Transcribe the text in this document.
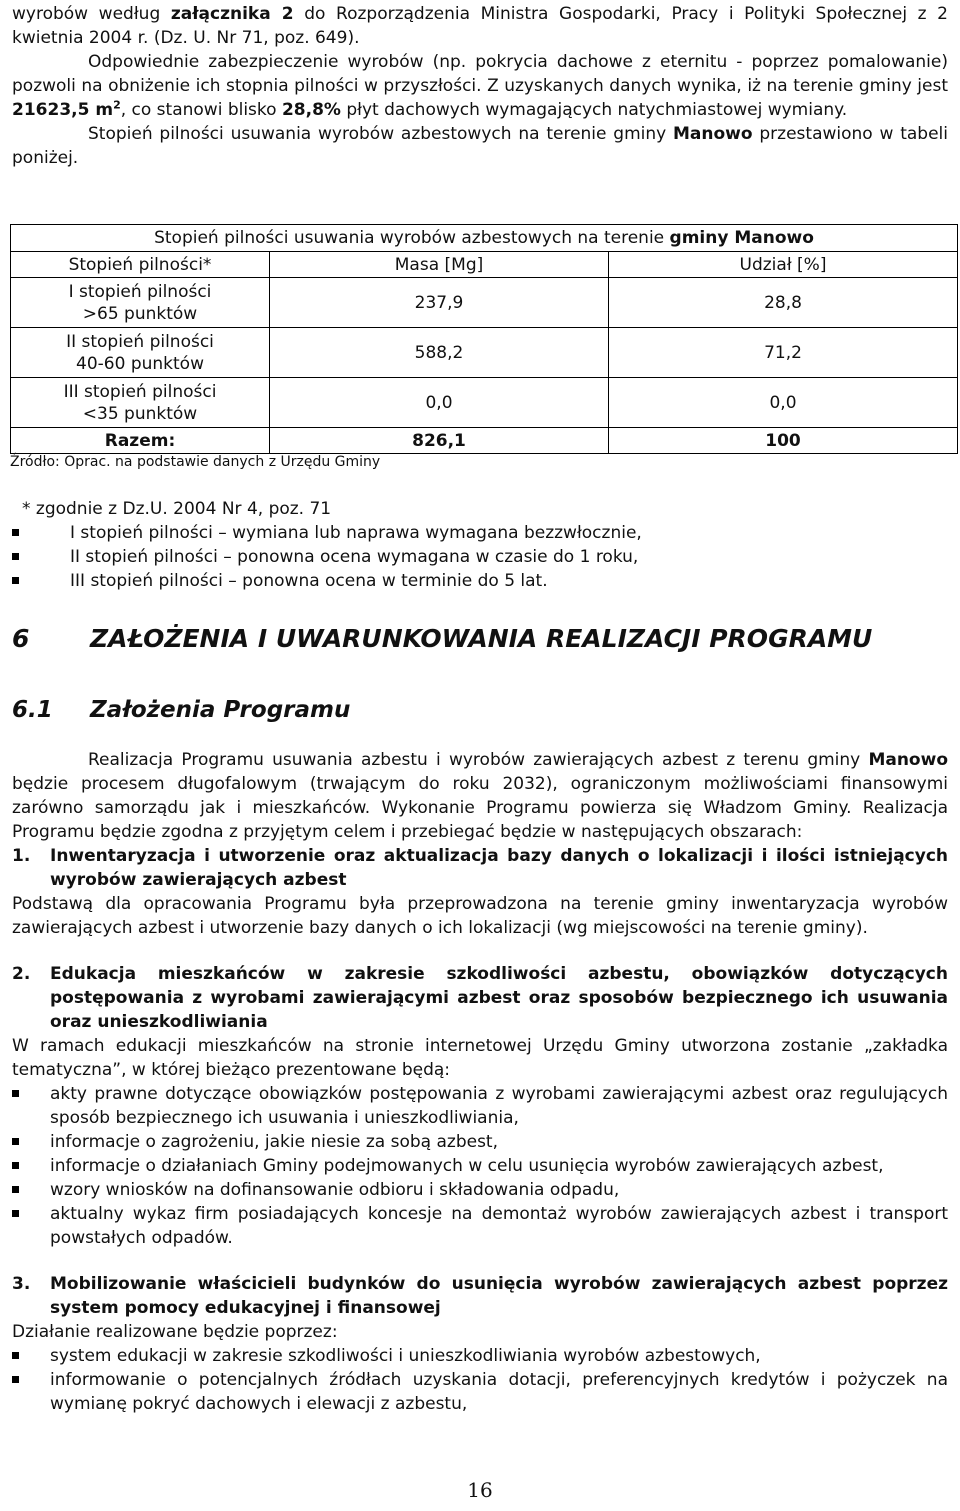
wyrobów według załącznika 2 do Rozporządzenia Ministra Gospodarki, Pracy i Polityki Społecznej z 2 kwietnia 2004 r. (Dz. U. Nr 71, poz. 649).

Odpowiednie zabezpieczenie wyrobów (np. pokrycia dachowe z eternitu - poprzez pomalowanie) pozwoli na obniżenie ich stopnia pilności w przyszłości. Z uzyskanych danych wynika, iż na terenie gminy jest 21623,5 $m^2$, co stanowi blisko 28,8% płyt dachowych wymagających natychmiastowej wymiany.

Stopień pilności usuwania wyrobów azbestowych na terenie gminy Manowo przestawiono w tabeli poniżej.

Stopień pilności usuwania wyrobów azbestowych na terenie gminy Manowo		
Stopień pilności*	Masa [Mg]	Udział [%]

I stopień pilności
>65 punktów	237,9	28,8

II stopień pilności
40-60 punktów	588,2	71,2

III stopień pilności
<35 punktów	0,0	0,0
Razem:	826,1	100
Źródło: Oprac. na podstawie danych z Urzędu Gminy
* zgodnie z Dz.U. 2004 Nr 4, poz. 71
I stopień pilności – wymiana lub naprawa wymagana bezzwłocznie,
II stopień pilności – ponowna ocena wymagana w czasie do 1 roku,
III stopień pilności – ponowna ocena w terminie do 5 lat.
6 ZAŁOŻENIA I UWARUNKOWANIA REALIZACJI PROGRAMU
6.1 Założenia Programu

Realizacja Programu usuwania azbestu i wyrobów zawierających azbest z terenu gminy Manowo będzie procesem długofalowym (trwającym do roku 2032), ograniczonym możliwościami finansowymi zarówno samorządu jak i mieszkańców. Wykonanie Programu powierza się Władzom Gminy. Realizacja Programu będzie zgodna z przyjętym celem i przebiegać będzie w następujących obszarach:

1. Inwentaryzacja i utworzenie oraz aktualizacja bazy danych o lokalizacji i ilości istniejących wyrobów zawierających azbest

Podstawą dla opracowania Programu była przeprowadzona na terenie gminy inwentaryzacja wyrobów zawierających azbest i utworzenie bazy danych o ich lokalizacji (wg miejscowości na terenie gminy).

2. Edukacja mieszkańców w zakresie szkodliwości azbestu, obowiązków dotyczących postępowania z wyrobami zawierającymi azbest oraz sposobów bezpiecznego ich usuwania oraz unieszkodliwiania

W ramach edukacji mieszkańców na stronie internetowej Urzędu Gminy utworzona zostanie „zakładka tematyczna”, w której bieżąco prezentowane będą:

akty prawne dotyczące obowiązków postępowania z wyrobami zawierającymi azbest oraz regulujących sposób bezpiecznego ich usuwania i unieszkodliwiania,
informacje o zagrożeniu, jakie niesie za sobą azbest,
informacje o działaniach Gminy podejmowanych w celu usunięcia wyrobów zawierających azbest,
wzory wniosków na dofinansowanie odbioru i składowania odpadu,
aktualny wykaz firm posiadających koncesje na demontaż wyrobów zawierających azbest i transport powstałych odpadów.
3. Mobilizowanie właścicieli budynków do usunięcia wyrobów zawierających azbest poprzez system pomocy edukacyjnej i finansowej

Działanie realizowane będzie poprzez:

system edukacji w zakresie szkodliwości i unieszkodliwiania wyrobów azbestowych,
informowanie o potencjalnych źródłach uzyskania dotacji, preferencyjnych kredytów i pożyczek na wymianę pokryć dachowych i elewacji z azbestu,
16
